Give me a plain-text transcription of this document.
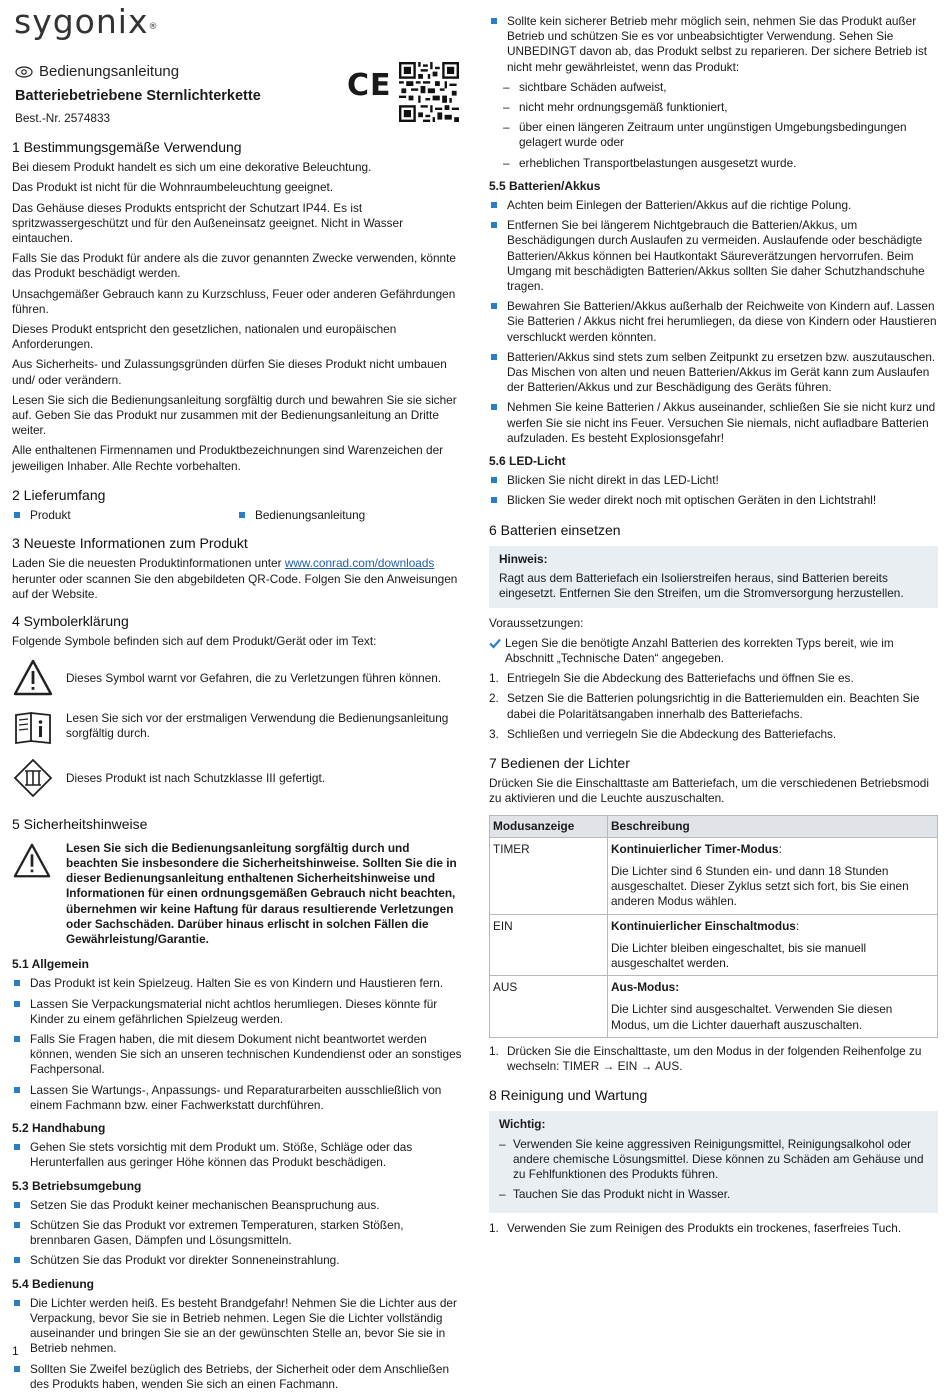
sygonix®
Bedienungsanleitung
Batteriebetriebene Sternlichterkette
Best.-Nr. 2574833
CE
1 Bestimmungsgemäße Verwendung
Bei diesem Produkt handelt es sich um eine dekorative Beleuchtung.
Das Produkt ist nicht für die Wohnraumbeleuchtung geeignet.
Das Gehäuse dieses Produkts entspricht der Schutzart IP44. Es ist spritzwassergeschützt und für den Außeneinsatz geeignet. Nicht in Wasser eintauchen.
Falls Sie das Produkt für andere als die zuvor genannten Zwecke verwenden, könnte das Produkt beschädigt werden.
Unsachgemäßer Gebrauch kann zu Kurzschluss, Feuer oder anderen Gefährdungen führen.
Dieses Produkt entspricht den gesetzlichen, nationalen und europäischen Anforderungen.
Aus Sicherheits- und Zulassungsgründen dürfen Sie dieses Produkt nicht umbauen und/ oder verändern.
Lesen Sie sich die Bedienungsanleitung sorgfältig durch und bewahren Sie sie sicher auf. Geben Sie das Produkt nur zusammen mit der Bedienungsanleitung an Dritte weiter.
Alle enthaltenen Firmennamen und Produktbezeichnungen sind Warenzeichen der jeweiligen Inhaber. Alle Rechte vorbehalten.
2 Lieferumfang
Produkt	Bedienungsanleitung
3 Neueste Informationen zum Produkt
Laden Sie die neuesten Produktinformationen unter www.conrad.com/downloads herunter oder scannen Sie den abgebildeten QR-Code. Folgen Sie den Anweisungen auf der Website.
4 Symbolerklärung
Folgende Symbole befinden sich auf dem Produkt/Gerät oder im Text:
Dieses Symbol warnt vor Gefahren, die zu Verletzungen führen können.
Lesen Sie sich vor der erstmaligen Verwendung die Bedienungsanleitung sorgfältig durch.
Dieses Produkt ist nach Schutzklasse III gefertigt.
5 Sicherheitshinweise
Lesen Sie sich die Bedienungsanleitung sorgfältig durch und beachten Sie insbesondere die Sicherheitshinweise. Sollten Sie die in dieser Bedienungsanleitung enthaltenen Sicherheitshinweise und Informationen für einen ordnungsgemäßen Gebrauch nicht beachten, übernehmen wir keine Haftung für daraus resultierende Verletzungen oder Sachschäden. Darüber hinaus erlischt in solchen Fällen die Gewährleistung/Garantie.
5.1 Allgemein
Das Produkt ist kein Spielzeug. Halten Sie es von Kindern und Haustieren fern.
Lassen Sie Verpackungsmaterial nicht achtlos herumliegen. Dieses könnte für Kinder zu einem gefährlichen Spielzeug werden.
Falls Sie Fragen haben, die mit diesem Dokument nicht beantwortet werden können, wenden Sie sich an unseren technischen Kundendienst oder an sonstiges Fachpersonal.
Lassen Sie Wartungs-, Anpassungs- und Reparaturarbeiten ausschließlich von einem Fachmann bzw. einer Fachwerkstatt durchführen.
5.2 Handhabung
Gehen Sie stets vorsichtig mit dem Produkt um. Stöße, Schläge oder das Herunterfallen aus geringer Höhe können das Produkt beschädigen.
5.3 Betriebsumgebung
Setzen Sie das Produkt keiner mechanischen Beanspruchung aus.
Schützen Sie das Produkt vor extremen Temperaturen, starken Stößen, brennbaren Gasen, Dämpfen und Lösungsmitteln.
Schützen Sie das Produkt vor direkter Sonneneinstrahlung.
5.4 Bedienung
Die Lichter werden heiß. Es besteht Brandgefahr! Nehmen Sie die Lichter aus der Verpackung, bevor Sie sie in Betrieb nehmen. Legen Sie die Lichter vollständig auseinander und bringen Sie sie an der gewünschten Stelle an, bevor Sie sie in Betrieb nehmen.
Sollten Sie Zweifel bezüglich des Betriebs, der Sicherheit oder dem Anschließen des Produkts haben, wenden Sie sich an einen Fachmann.
Sollte kein sicherer Betrieb mehr möglich sein, nehmen Sie das Produkt außer Betrieb und schützen Sie es vor unbeabsichtigter Verwendung. Sehen Sie UNBEDINGT davon ab, das Produkt selbst zu reparieren. Der sichere Betrieb ist nicht mehr gewährleistet, wenn das Produkt:
– sichtbare Schäden aufweist,
– nicht mehr ordnungsgemäß funktioniert,
– über einen längeren Zeitraum unter ungünstigen Umgebungsbedingungen gelagert wurde oder
– erheblichen Transportbelastungen ausgesetzt wurde.
5.5 Batterien/Akkus
Achten beim Einlegen der Batterien/Akkus auf die richtige Polung.
Entfernen Sie bei längerem Nichtgebrauch die Batterien/Akkus, um Beschädigungen durch Auslaufen zu vermeiden. Auslaufende oder beschädigte Batterien/Akkus können bei Hautkontakt Säureverätzungen hervorrufen. Beim Umgang mit beschädigten Batterien/Akkus sollten Sie daher Schutzhandschuhe tragen.
Bewahren Sie Batterien/Akkus außerhalb der Reichweite von Kindern auf. Lassen Sie Batterien / Akkus nicht frei herumliegen, da diese von Kindern oder Haustieren verschluckt werden könnten.
Batterien/Akkus sind stets zum selben Zeitpunkt zu ersetzen bzw. auszutauschen. Das Mischen von alten und neuen Batterien/Akkus im Gerät kann zum Auslaufen der Batterien/Akkus und zur Beschädigung des Geräts führen.
Nehmen Sie keine Batterien / Akkus auseinander, schließen Sie sie nicht kurz und werfen Sie sie nicht ins Feuer. Versuchen Sie niemals, nicht aufladbare Batterien aufzuladen. Es besteht Explosionsgefahr!
5.6 LED-Licht
Blicken Sie nicht direkt in das LED-Licht!
Blicken Sie weder direkt noch mit optischen Geräten in den Lichtstrahl!
6 Batterien einsetzen
Hinweis:
Ragt aus dem Batteriefach ein Isolierstreifen heraus, sind Batterien bereits eingesetzt. Entfernen Sie den Streifen, um die Stromversorgung herzustellen.
Voraussetzungen:
Legen Sie die benötigte Anzahl Batterien des korrekten Typs bereit, wie im Abschnitt „Technische Daten“ angegeben.
1. Entriegeln Sie die Abdeckung des Batteriefachs und öffnen Sie es.
2. Setzen Sie die Batterien polungsrichtig in die Batteriemulden ein. Beachten Sie dabei die Polaritätsangaben innerhalb des Batteriefachs.
3. Schließen und verriegeln Sie die Abdeckung des Batteriefachs.
7 Bedienen der Lichter
Drücken Sie die Einschalttaste am Batteriefach, um die verschiedenen Betriebsmodi zu aktivieren und die Leuchte auszuschalten.
Modusanzeige	Beschreibung
TIMER	Kontinuierlicher Timer-Modus:
Die Lichter sind 6 Stunden ein- und dann 18 Stunden ausgeschaltet. Dieser Zyklus setzt sich fort, bis Sie einen anderen Modus wählen.

EIN	Kontinuierlicher Einschaltmodus:
Die Lichter bleiben eingeschaltet, bis sie manuell ausgeschaltet werden.

AUS	Aus-Modus:
Die Lichter sind ausgeschaltet. Verwenden Sie diesen Modus, um die Lichter dauerhaft auszuschalten.
1. Drücken Sie die Einschalttaste, um den Modus in der folgenden Reihenfolge zu wechseln: TIMER → EIN → AUS.
8 Reinigung und Wartung
Wichtig:
– Verwenden Sie keine aggressiven Reinigungsmittel, Reinigungsalkohol oder andere chemische Lösungsmittel. Diese können zu Schäden am Gehäuse und zu Fehlfunktionen des Produkts führen.
– Tauchen Sie das Produkt nicht in Wasser.
1. Verwenden Sie zum Reinigen des Produkts ein trockenes, faserfreies Tuch.
1
